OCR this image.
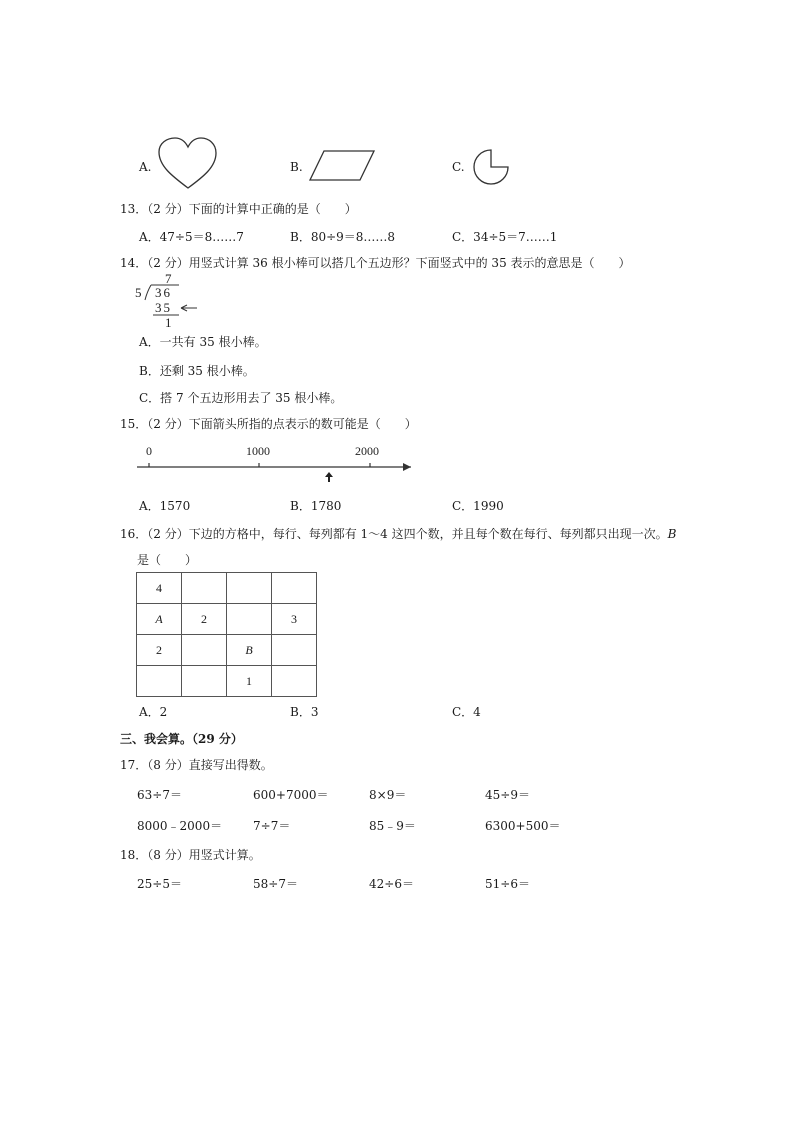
A.	B.	C.
13．（2 分）下面的计算中正确的是（　　）
A．47÷5＝8……7	B．80÷9＝8……8	C．34÷5＝7……1
14．（2 分）用竖式计算 36 根小棒可以搭几个五边形？下面竖式中的 35 表示的意思是（　　）
7
5 36
35
1
A．一共有 35 根小棒。
B．还剩 35 根小棒。
C．搭 7 个五边形用去了 35 根小棒。
15．（2 分）下面箭头所指的点表示的数可能是（　　）
0	1000	2000
A．1570	B．1780	C．1990
16．（2 分）下边的方格中，每行、每列都有 1～4 这四个数，并且每个数在每行、每列都只出现一次。B
是（　　）
4			
A	2		3
2		B	
		1	
A．2	B．3	C．4
三、我会算。（29 分）
17．（8 分）直接写出得数。
63÷7＝	600+7000＝	8×9＝	45÷9＝
8000﹣2000＝	7÷7＝	85﹣9＝	6300+500＝
18．（8 分）用竖式计算。
25÷5＝	58÷7＝	42÷6＝	51÷6＝
